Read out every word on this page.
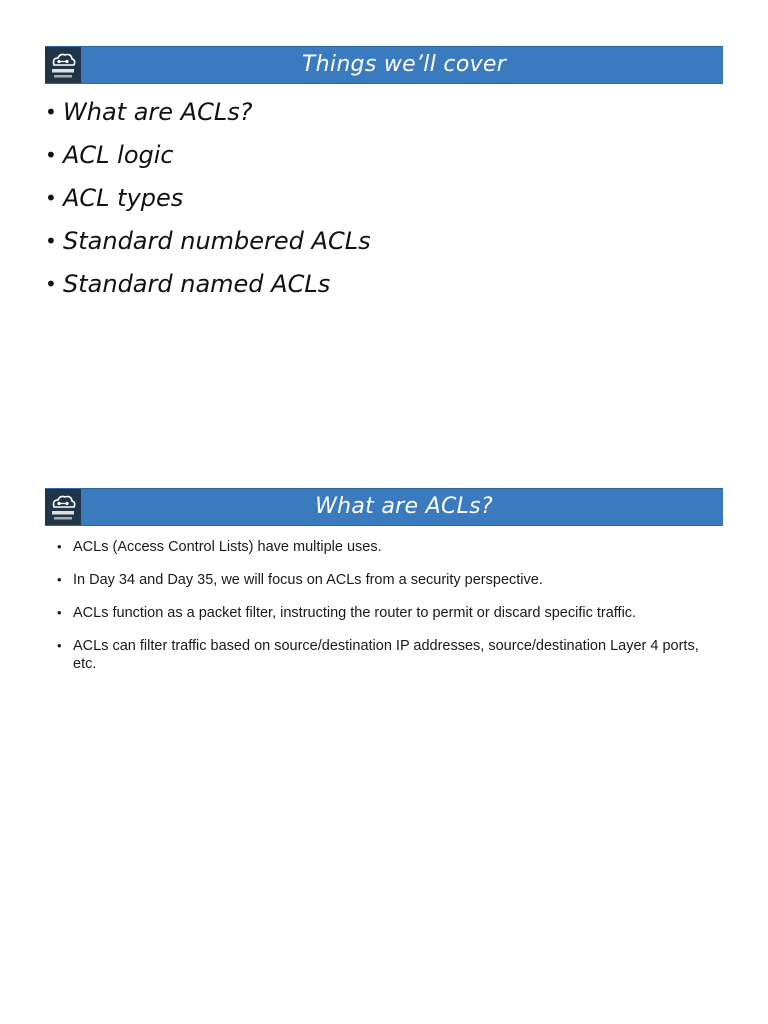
Things we’ll cover
• What are ACLs?
• ACL logic
• ACL types
• Standard numbered ACLs
• Standard named ACLs
What are ACLs?
• ACLs (Access Control Lists) have multiple uses.
• In Day 34 and Day 35, we will focus on ACLs from a security perspective.
• ACLs function as a packet filter, instructing the router to permit or discard specific traffic.
• ACLs can filter traffic based on source/destination IP addresses, source/destination Layer 4 ports, etc.
